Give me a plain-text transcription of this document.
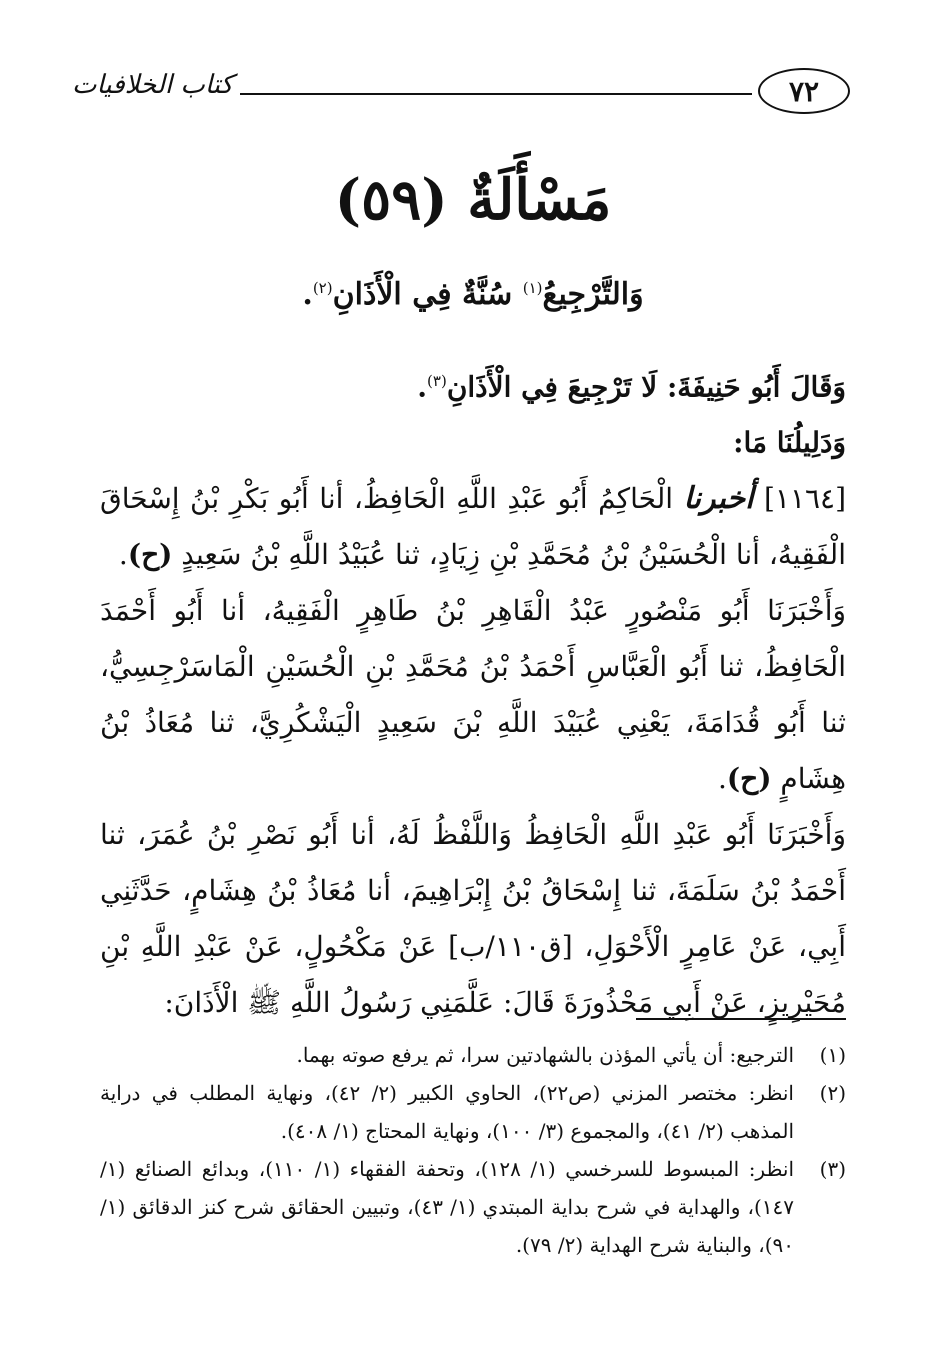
٧٢
كتاب الخلافيات
مَسْأَلَةٌ (٥٩)

وَالتَّرْجِيعُ$^{(١)}$ سُنَّةٌ فِي الْأَذَانِ$^{(٢)}$.

وَقَالَ أَبُو حَنِيفَةَ: لَا تَرْجِيعَ فِي الْأَذَانِ$^{(٣)}$.

وَدَلِيلُنَا مَا:

[١١٦٤] أخبرنا الْحَاكِمُ أَبُو عَبْدِ اللَّهِ الْحَافِظُ، أنا أَبُو بَكْرِ بْنُ إِسْحَاقَ الْفَقِيهُ، أنا الْحُسَيْنُ بْنُ مُحَمَّدِ بْنِ زِيَادٍ، ثنا عُبَيْدُ اللَّهِ بْنُ سَعِيدٍ (ح).

وَأَخْبَرَنَا أَبُو مَنْصُورٍ عَبْدُ الْقَاهِرِ بْنُ طَاهِرٍ الْفَقِيهُ، أنا أَبُو أَحْمَدَ الْحَافِظُ، ثنا أَبُو الْعَبَّاسِ أَحْمَدُ بْنُ مُحَمَّدِ بْنِ الْحُسَيْنِ الْمَاسَرْجِسِيُّ، ثنا أَبُو قُدَامَةَ، يَعْنِي عُبَيْدَ اللَّهِ بْنَ سَعِيدٍ الْيَشْكُرِيَّ، ثنا مُعَاذُ بْنُ هِشَامٍ (ح).

وَأَخْبَرَنَا أَبُو عَبْدِ اللَّهِ الْحَافِظُ وَاللَّفْظُ لَهُ، أنا أَبُو نَصْرِ بْنُ عُمَرَ، ثنا أَحْمَدُ بْنُ سَلَمَةَ، ثنا إِسْحَاقُ بْنُ إِبْرَاهِيمَ، أنا مُعَاذُ بْنُ هِشَامٍ، حَدَّثَنِي أَبِي، عَنْ عَامِرٍ الْأَحْوَلِ، [ق١١٠/ب] عَنْ مَكْحُولٍ، عَنْ عَبْدِ اللَّهِ بْنِ مُحَيْرِيزٍ، عَنْ أَبِي مَحْذُورَةَ قَالَ: عَلَّمَنِي رَسُولُ اللَّهِ ﷺ الْأَذَانَ:

(١)
الترجيع: أن يأتي المؤذن بالشهادتين سرا، ثم يرفع صوته بهما.
(٢)
انظر: مختصر المزني (ص٢٢)، الحاوي الكبير (٢/ ٤٢)، ونهاية المطلب في دراية المذهب (٢/ ٤١)، والمجموع (٣/ ١٠٠)، ونهاية المحتاج (١/ ٤٠٨).
(٣)
انظر: المبسوط للسرخسي (١/ ١٢٨)، وتحفة الفقهاء (١/ ١١٠)، وبدائع الصنائع (١/ ١٤٧)، والهداية في شرح بداية المبتدي (١/ ٤٣)، وتبيين الحقائق شرح كنز الدقائق (١/ ٩٠)، والبناية شرح الهداية (٢/ ٧٩).
